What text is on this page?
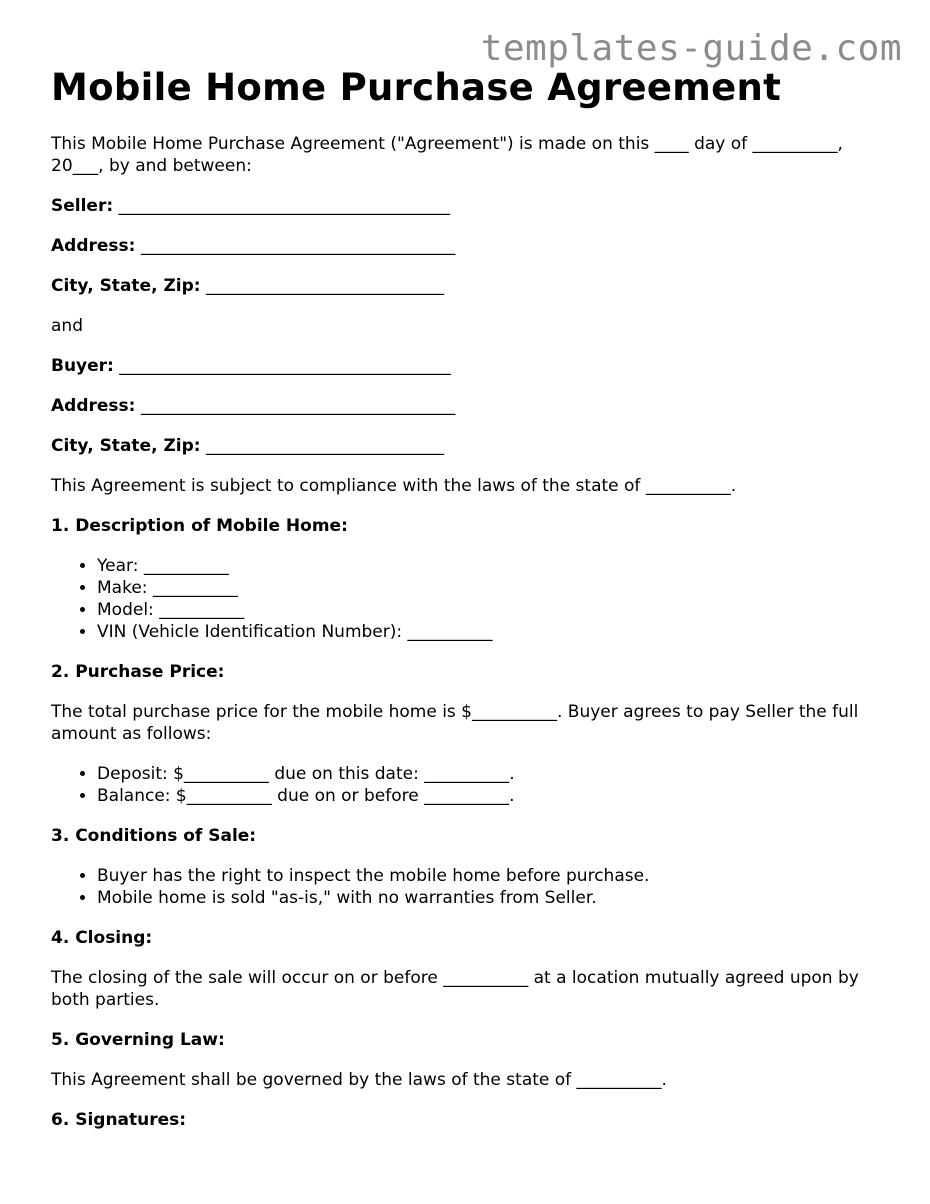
templates-guide.com
Mobile Home Purchase Agreement

This Mobile Home Purchase Agreement ("Agreement") is made on this ____ day of __________, 20___, by and between:

Seller: _______________________________________

Address: _____________________________________

City, State, Zip: ____________________________

and

Buyer: _______________________________________

Address: _____________________________________

City, State, Zip: ____________________________

This Agreement is subject to compliance with the laws of the state of __________.

1. Description of Mobile Home:
• Year: __________
• Make: __________
• Model: __________
• VIN (Vehicle Identification Number): __________
2. Purchase Price:

The total purchase price for the mobile home is $__________. Buyer agrees to pay Seller the full amount as follows:

• Deposit: $__________ due on this date: __________.
• Balance: $__________ due on or before __________.
3. Conditions of Sale:
• Buyer has the right to inspect the mobile home before purchase.
• Mobile home is sold "as-is," with no warranties from Seller.
4. Closing:

The closing of the sale will occur on or before __________ at a location mutually agreed upon by both parties.

5. Governing Law:

This Agreement shall be governed by the laws of the state of __________.

6. Signatures:
